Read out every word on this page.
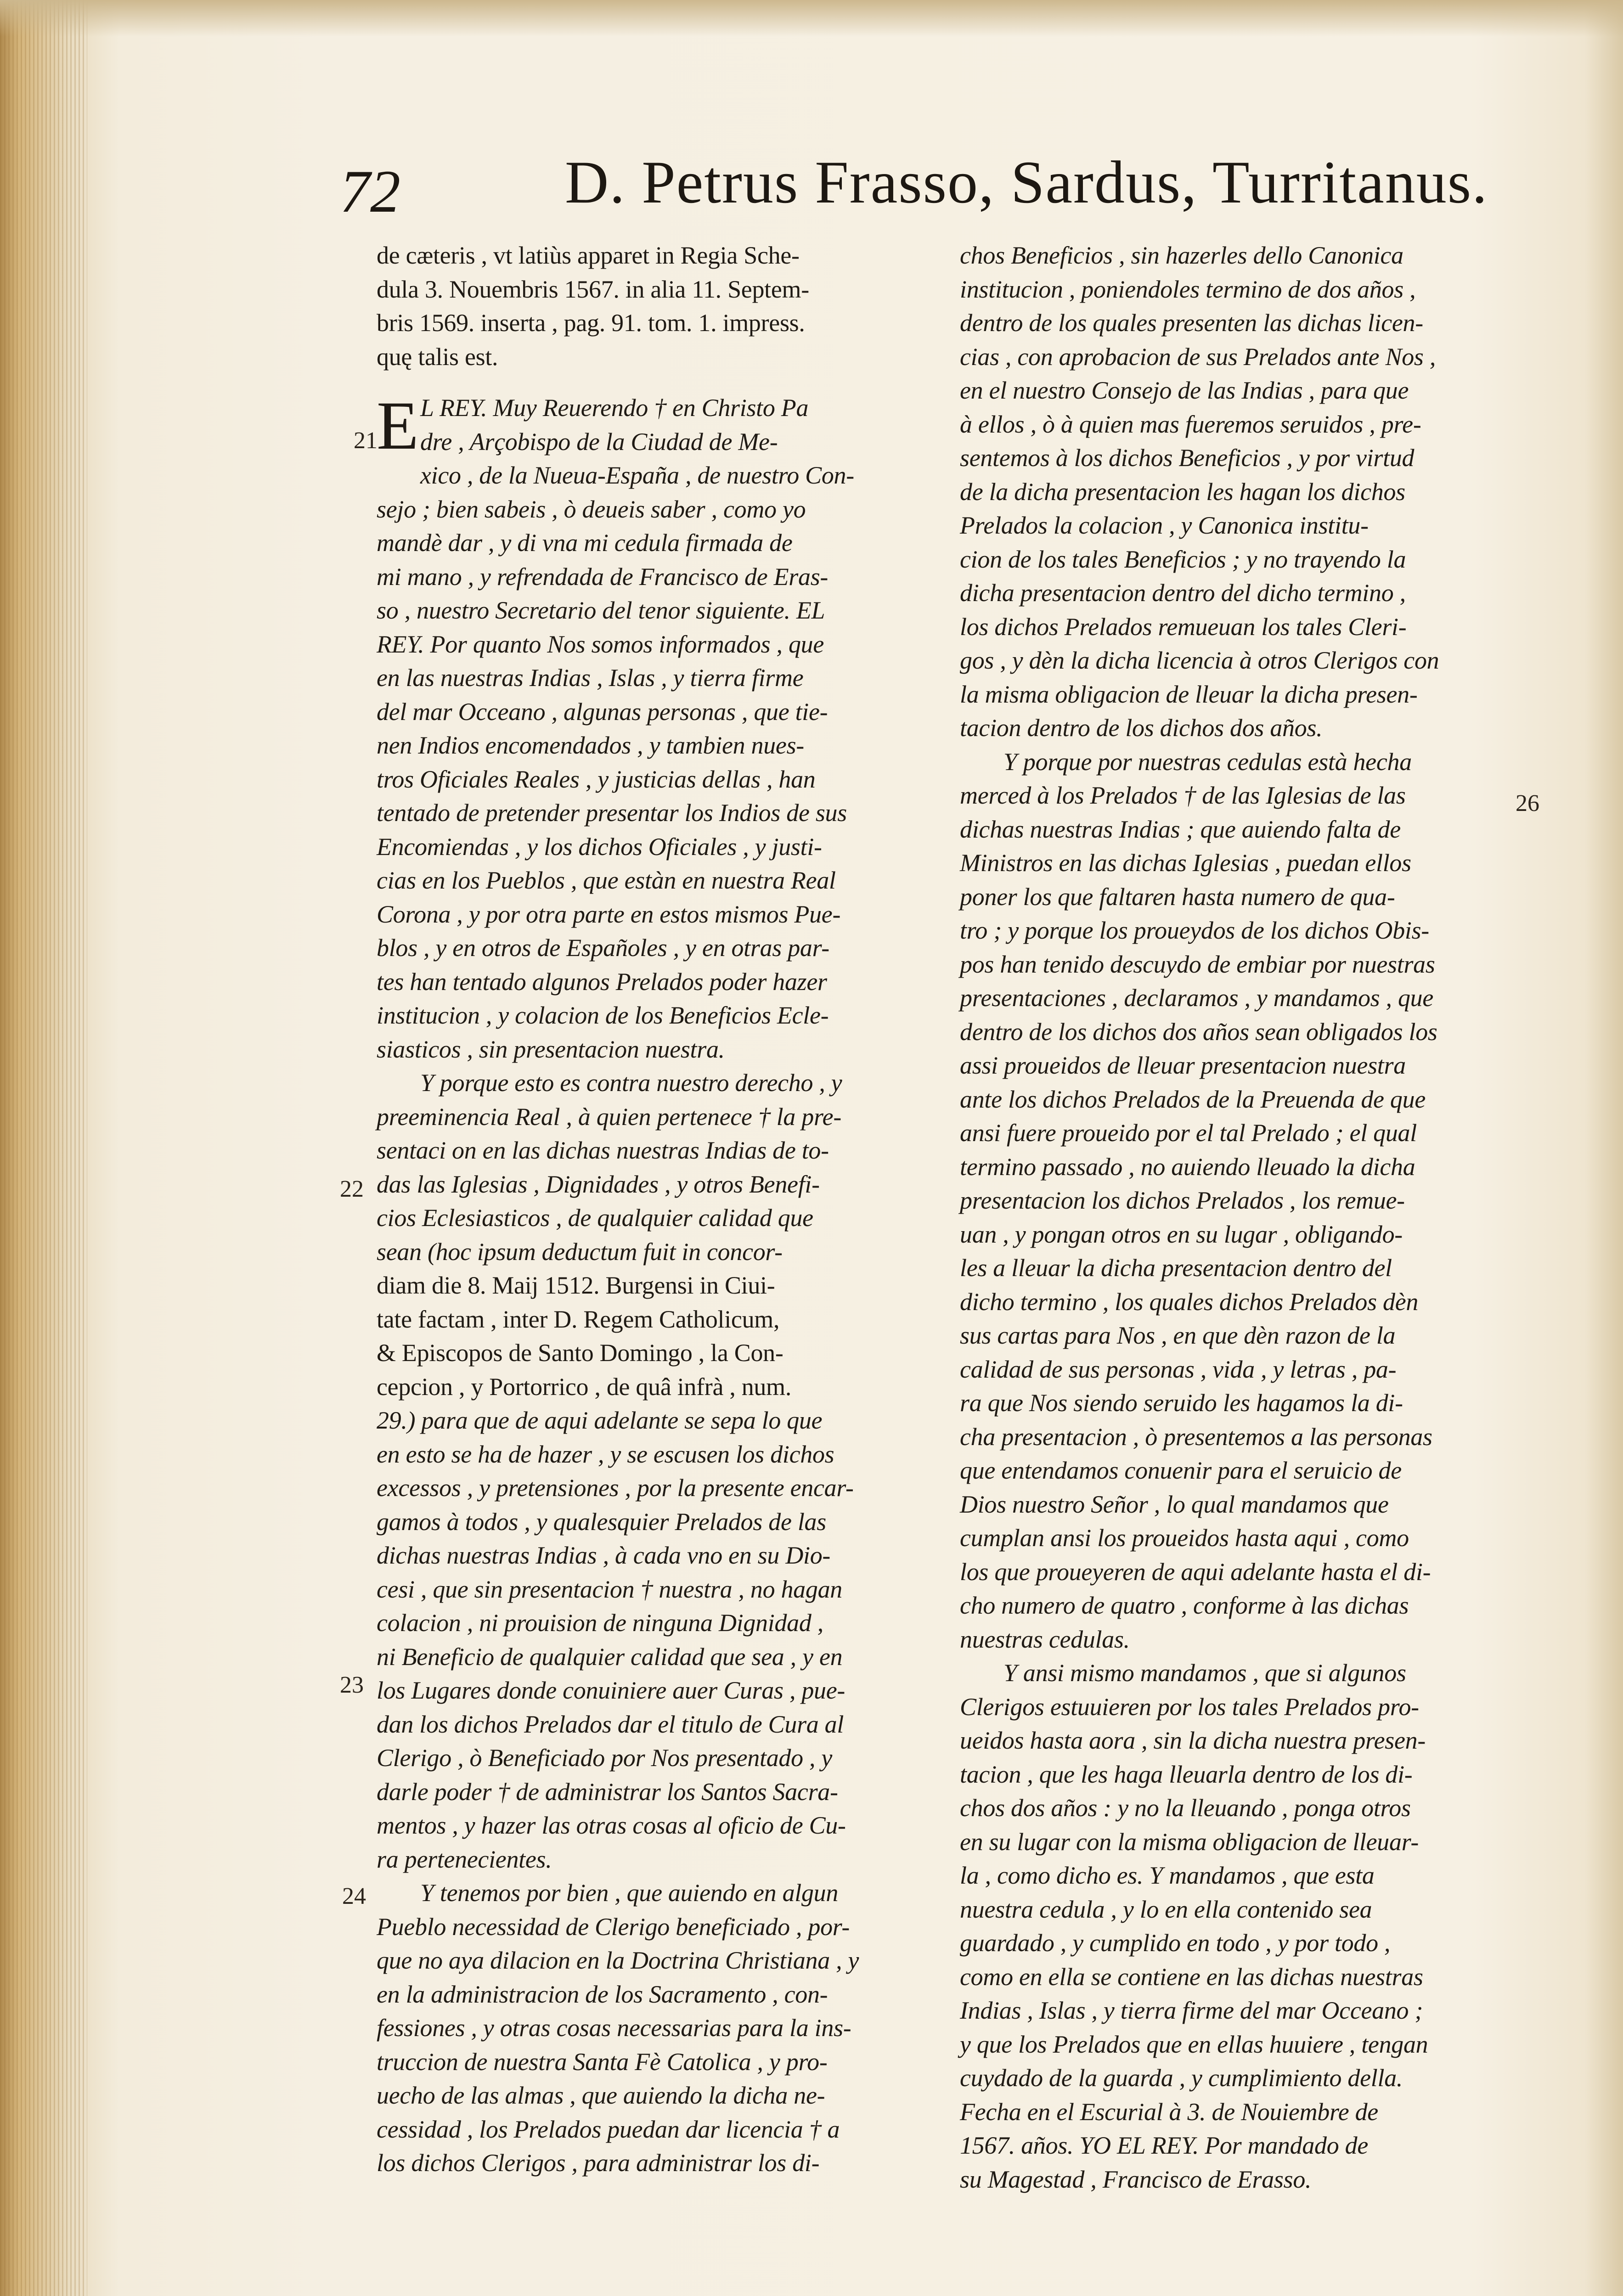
72	D. Petrus Frasso, Sardus, Turritanus.
21
22
23
24
26
de cæteris , vt latiùs apparet in Regia Sche-
dula 3. Nouembris 1567. in alia 11. Septem-
bris 1569. inserta , pag. 91. tom. 1. impress.
quę talis est.
E L REY. Muy Reuerendo † en Christo Pa
dre , Arçobispo de la Ciudad de Me-
xico , de la Nueua-España , de nuestro Con-
sejo ; bien sabeis , ò deueis saber , como yo
mandè dar , y di vna mi cedula firmada de
mi mano , y refrendada de Francisco de Eras-
so , nuestro Secretario del tenor siguiente. EL
REY. Por quanto Nos somos informados , que
en las nuestras Indias , Islas , y tierra firme
del mar Occeano , algunas personas , que tie-
nen Indios encomendados , y tambien nues-
tros Oficiales Reales , y justicias dellas , han
tentado de pretender presentar los Indios de sus
Encomiendas , y los dichos Oficiales , y justi-
cias en los Pueblos , que estàn en nuestra Real
Corona , y por otra parte en estos mismos Pue-
blos , y en otros de Españoles , y en otras par-
tes han tentado algunos Prelados poder hazer
institucion , y colacion de los Beneficios Ecle-
siasticos , sin presentacion nuestra.
Y porque esto es contra nuestro derecho , y
preeminencia Real , à quien pertenece † la pre-
sentaci on en las dichas nuestras Indias de to-
das las Iglesias , Dignidades , y otros Benefi-
cios Eclesiasticos , de qualquier calidad que
sean (hoc ipsum deductum fuit in concor-
diam die 8. Maij 1512. Burgensi in Ciui-
tate factam , inter D. Regem Catholicum,
& Episcopos de Santo Domingo , la Con-
cepcion , y Portorrico , de quâ infrà , num.
29.) para que de aqui adelante se sepa lo que
en esto se ha de hazer , y se escusen los dichos
excessos , y pretensiones , por la presente encar-
gamos à todos , y qualesquier Prelados de las
dichas nuestras Indias , à cada vno en su Dio-
cesi , que sin presentacion † nuestra , no hagan
colacion , ni prouision de ninguna Dignidad ,
ni Beneficio de qualquier calidad que sea , y en
los Lugares donde conuiniere auer Curas , pue-
dan los dichos Prelados dar el titulo de Cura al
Clerigo , ò Beneficiado por Nos presentado , y
darle poder † de administrar los Santos Sacra-
mentos , y hazer las otras cosas al oficio de Cu-
ra pertenecientes.
Y tenemos por bien , que auiendo en algun
Pueblo necessidad de Clerigo beneficiado , por-
que no aya dilacion en la Doctrina Christiana , y
en la administracion de los Sacramento , con-
fessiones , y otras cosas necessarias para la ins-
truccion de nuestra Santa Fè Catolica , y pro-
uecho de las almas , que auiendo la dicha ne-
cessidad , los Prelados puedan dar licencia † a
los dichos Clerigos , para administrar los di-
chos Beneficios , sin hazerles dello Canonica
institucion , poniendoles termino de dos años ,
dentro de los quales presenten las dichas licen-
cias , con aprobacion de sus Prelados ante Nos ,
en el nuestro Consejo de las Indias , para que
à ellos , ò à quien mas fueremos seruidos , pre-
sentemos à los dichos Beneficios , y por virtud
de la dicha presentacion les hagan los dichos
Prelados la colacion , y Canonica institu-
cion de los tales Beneficios ; y no trayendo la
dicha presentacion dentro del dicho termino ,
los dichos Prelados remueuan los tales Cleri-
gos , y dèn la dicha licencia à otros Clerigos con
la misma obligacion de lleuar la dicha presen-
tacion dentro de los dichos dos años.
Y porque por nuestras cedulas està hecha
merced à los Prelados † de las Iglesias de las
dichas nuestras Indias ; que auiendo falta de
Ministros en las dichas Iglesias , puedan ellos
poner los que faltaren hasta numero de qua-
tro ; y porque los proueydos de los dichos Obis-
pos han tenido descuydo de embiar por nuestras
presentaciones , declaramos , y mandamos , que
dentro de los dichos dos años sean obligados los
assi proueidos de lleuar presentacion nuestra
ante los dichos Prelados de la Preuenda de que
ansi fuere proueido por el tal Prelado ; el qual
termino passado , no auiendo lleuado la dicha
presentacion los dichos Prelados , los remue-
uan , y pongan otros en su lugar , obligando-
les a lleuar la dicha presentacion dentro del
dicho termino , los quales dichos Prelados dèn
sus cartas para Nos , en que dèn razon de la
calidad de sus personas , vida , y letras , pa-
ra que Nos siendo seruido les hagamos la di-
cha presentacion , ò presentemos a las personas
que entendamos conuenir para el seruicio de
Dios nuestro Señor , lo qual mandamos que
cumplan ansi los proueidos hasta aqui , como
los que proueyeren de aqui adelante hasta el di-
cho numero de quatro , conforme à las dichas
nuestras cedulas.
Y ansi mismo mandamos , que si algunos
Clerigos estuuieren por los tales Prelados pro-
ueidos hasta aora , sin la dicha nuestra presen-
tacion , que les haga lleuarla dentro de los di-
chos dos años : y no la lleuando , ponga otros
en su lugar con la misma obligacion de lleuar-
la , como dicho es. Y mandamos , que esta
nuestra cedula , y lo en ella contenido sea
guardado , y cumplido en todo , y por todo ,
como en ella se contiene en las dichas nuestras
Indias , Islas , y tierra firme del mar Occeano ;
y que los Prelados que en ellas huuiere , tengan
cuydado de la guarda , y cumplimiento della.
Fecha en el Escurial à 3. de Nouiembre de
1567. años. YO EL REY. Por mandado de
su Magestad , Francisco de Erasso.
